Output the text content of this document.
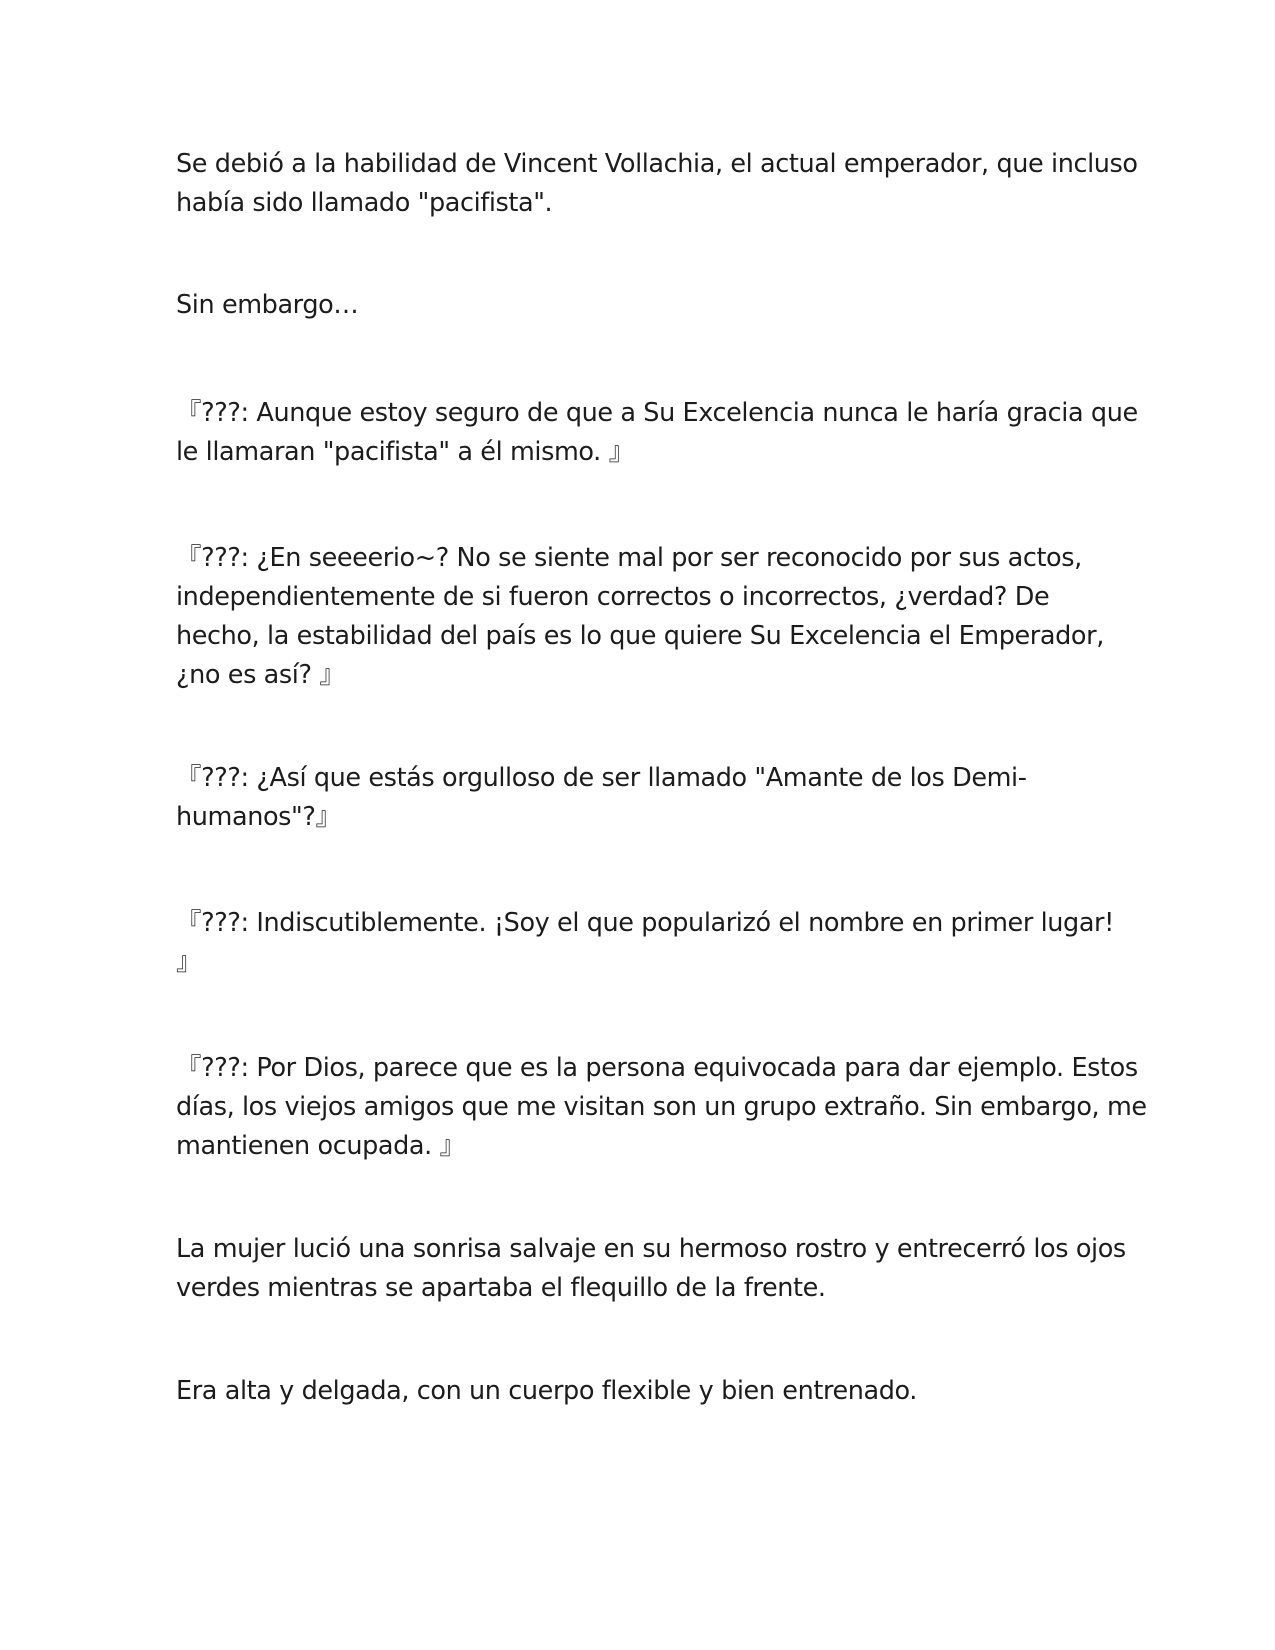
Se debió a la habilidad de Vincent Vollachia, el actual emperador, que incluso
había sido llamado "pacifista".

Sin embargo…

『???: Aunque estoy seguro de que a Su Excelencia nunca le haría gracia que
le llamaran "pacifista" a él mismo. 』

『???: ¿En seeeerio~? No se siente mal por ser reconocido por sus actos,
independientemente de si fueron correctos o incorrectos, ¿verdad? De
hecho, la estabilidad del país es lo que quiere Su Excelencia el Emperador,
¿no es así? 』

『???: ¿Así que estás orgulloso de ser llamado "Amante de los Demi-
humanos"?』

『???: Indiscutiblemente. ¡Soy el que popularizó el nombre en primer lugar!
』

『???: Por Dios, parece que es la persona equivocada para dar ejemplo. Estos
días, los viejos amigos que me visitan son un grupo extraño. Sin embargo, me
mantienen ocupada. 』

La mujer lució una sonrisa salvaje en su hermoso rostro y entrecerró los ojos
verdes mientras se apartaba el flequillo de la frente.

Era alta y delgada, con un cuerpo flexible y bien entrenado.
